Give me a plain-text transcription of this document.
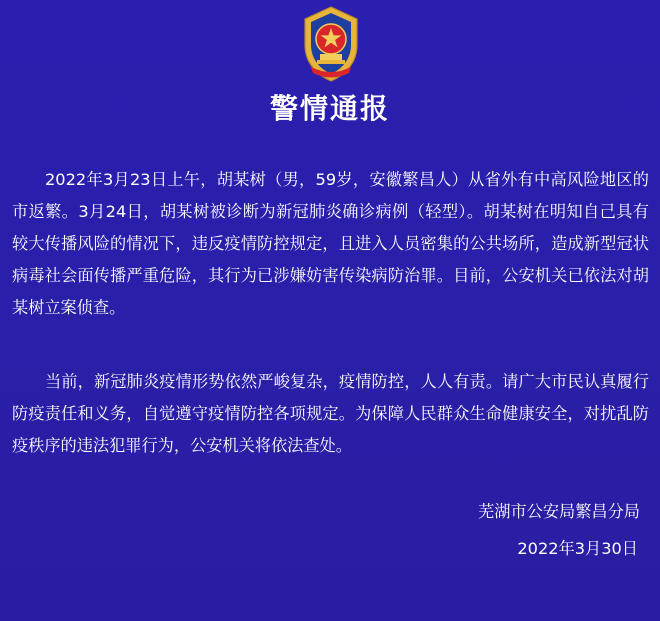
警情通报

2022年3月23日上午，胡某树（男，59岁，安徽繁昌人）从省外有中高风险地区的市返繁。3月24日，胡某树被诊断为新冠肺炎确诊病例（轻型）。胡某树在明知自己具有较大传播风险的情况下，违反疫情防控规定，且进入人员密集的公共场所，造成新型冠状病毒社会面传播严重危险，其行为已涉嫌妨害传染病防治罪。目前，公安机关已依法对胡某树立案侦查。

当前，新冠肺炎疫情形势依然严峻复杂，疫情防控，人人有责。请广大市民认真履行防疫责任和义务，自觉遵守疫情防控各项规定。为保障人民群众生命健康安全，对扰乱防疫秩序的违法犯罪行为，公安机关将依法查处。

芜湖市公安局繁昌分局
2022年3月30日
